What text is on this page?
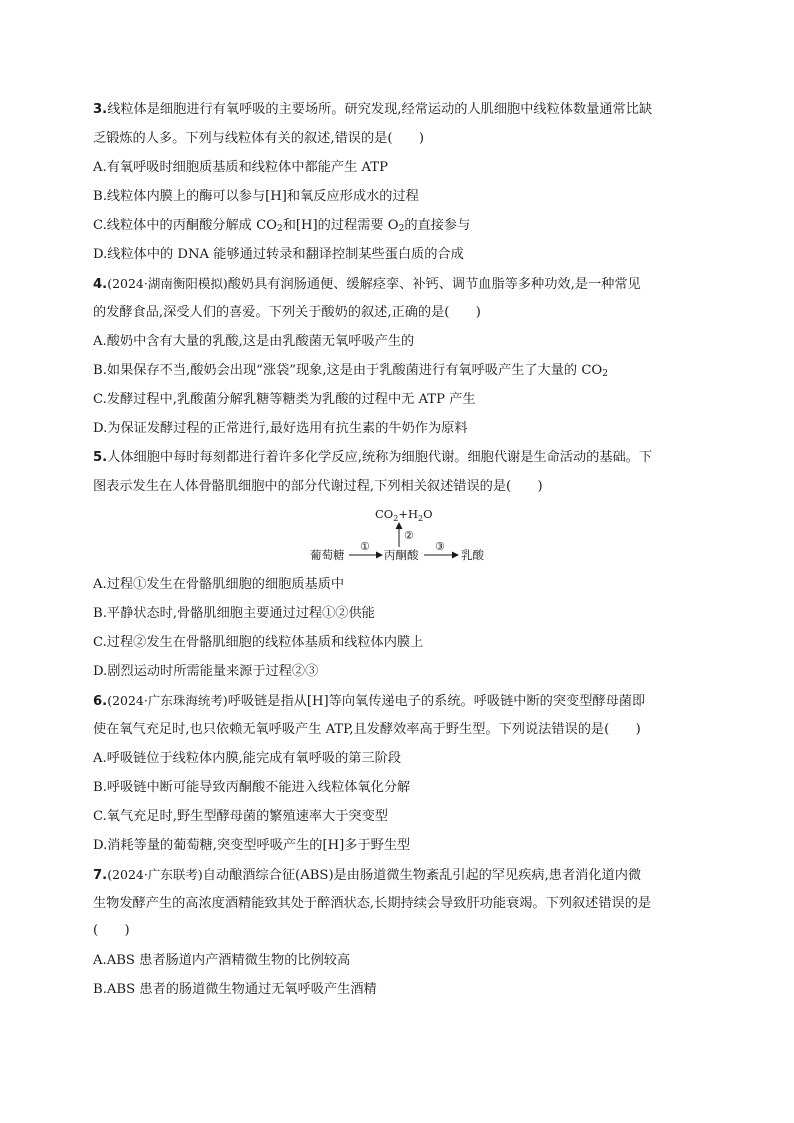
3.线粒体是细胞进行有氧呼吸的主要场所。研究发现,经常运动的人肌细胞中线粒体数量通常比缺
乏锻炼的人多。下列与线粒体有关的叙述,错误的是(　　)
A.有氧呼吸时细胞质基质和线粒体中都能产生 ATP
B.线粒体内膜上的酶可以参与[H]和氧反应形成水的过程
C.线粒体中的丙酮酸分解成 $CO_2$和[H]的过程需要 $O_2$的直接参与
D.线粒体中的 DNA 能够通过转录和翻译控制某些蛋白质的合成
4.(2024·湖南衡阳模拟)酸奶具有润肠通便、缓解痉挛、补钙、调节血脂等多种功效,是一种常见
的发酵食品,深受人们的喜爱。下列关于酸奶的叙述,正确的是(　　)
A.酸奶中含有大量的乳酸,这是由乳酸菌无氧呼吸产生的
B.如果保存不当,酸奶会出现“涨袋”现象,这是由于乳酸菌进行有氧呼吸产生了大量的 $CO_2$
C.发酵过程中,乳酸菌分解乳糖等糖类为乳酸的过程中无 ATP 产生
D.为保证发酵过程的正常进行,最好选用有抗生素的牛奶作为原料
5.人体细胞中每时每刻都进行着许多化学反应,统称为细胞代谢。细胞代谢是生命活动的基础。下
图表示发生在人体骨骼肌细胞中的部分代谢过程,下列相关叙述错误的是(　　)
$CO_2+H_2O$
②
葡萄糖
①
丙酮酸
③
乳酸
A.过程①发生在骨骼肌细胞的细胞质基质中
B.平静状态时,骨骼肌细胞主要通过过程①②供能
C.过程②发生在骨骼肌细胞的线粒体基质和线粒体内膜上
D.剧烈运动时所需能量来源于过程②③
6.(2024·广东珠海统考)呼吸链是指从[H]等向氧传递电子的系统。呼吸链中断的突变型酵母菌即
使在氧气充足时,也只依赖无氧呼吸产生 ATP,且发酵效率高于野生型。下列说法错误的是(　　)
A.呼吸链位于线粒体内膜,能完成有氧呼吸的第三阶段
B.呼吸链中断可能导致丙酮酸不能进入线粒体氧化分解
C.氧气充足时,野生型酵母菌的繁殖速率大于突变型
D.消耗等量的葡萄糖,突变型呼吸产生的[H]多于野生型
7.(2024·广东联考)自动酿酒综合征(ABS)是由肠道微生物紊乱引起的罕见疾病,患者消化道内微
生物发酵产生的高浓度酒精能致其处于醉酒状态,长期持续会导致肝功能衰竭。下列叙述错误的是
(　　)
A.ABS 患者肠道内产酒精微生物的比例较高
B.ABS 患者的肠道微生物通过无氧呼吸产生酒精
